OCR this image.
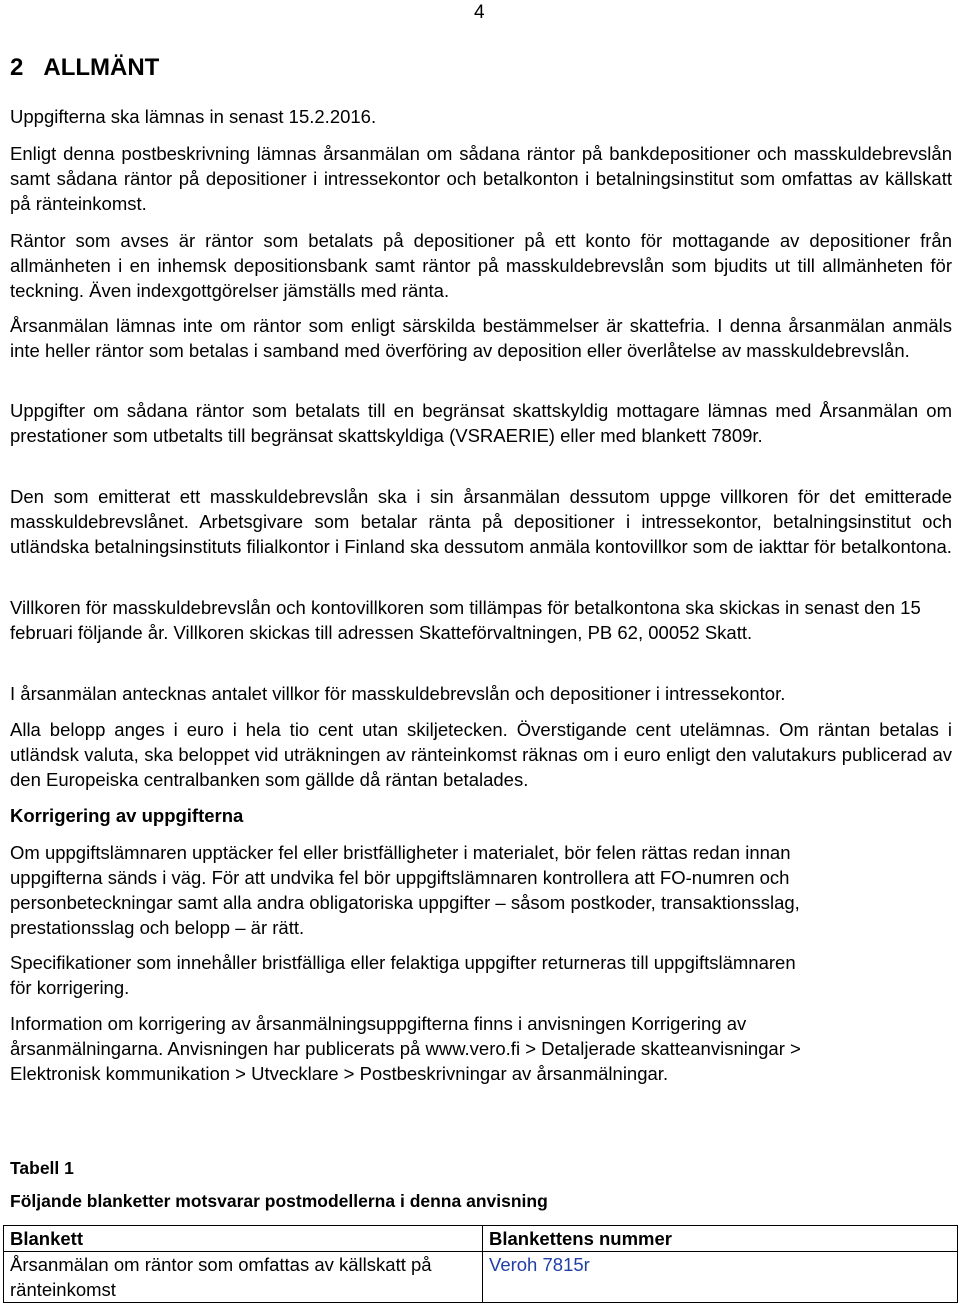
4
2 ALLMÄNT

Uppgifterna ska lämnas in senast 15.2.2016.

Enligt denna postbeskrivning lämnas årsanmälan om sådana räntor på bankdepositioner och masskuldebrevslån samt sådana räntor på depositioner i intressekontor och betalkonton i betalningsinstitut som omfattas av källskatt på ränteinkomst.

Räntor som avses är räntor som betalats på depositioner på ett konto för mottagande av depositioner från allmänheten i en inhemsk depositionsbank samt räntor på masskuldebrevslån som bjudits ut till allmänheten för teckning. Även indexgottgörelser jämställs med ränta.

Årsanmälan lämnas inte om räntor som enligt särskilda bestämmelser är skattefria. I denna årsanmälan anmäls inte heller räntor som betalas i samband med överföring av deposition eller överlåtelse av masskuldebrevslån.

Uppgifter om sådana räntor som betalats till en begränsat skattskyldig mottagare lämnas med Årsanmälan om prestationer som utbetalts till begränsat skattskyldiga (VSRAERIE) eller med blankett 7809r.

Den som emitterat ett masskuldebrevslån ska i sin årsanmälan dessutom uppge villkoren för det emitterade masskuldebrevslånet. Arbetsgivare som betalar ränta på depositioner i intressekontor, betalningsinstitut och utländska betalningsinstituts filialkontor i Finland ska dessutom anmäla kontovillkor som de iakttar för betalkontona.

Villkoren för masskuldebrevslån och kontovillkoren som tillämpas för betalkontona ska skickas in senast den 15 februari följande år. Villkoren skickas till adressen Skatteförvaltningen, PB 62, 00052 Skatt.

I årsanmälan antecknas antalet villkor för masskuldebrevslån och depositioner i intressekontor.

Alla belopp anges i euro i hela tio cent utan skiljetecken. Överstigande cent utelämnas. Om räntan betalas i utländsk valuta, ska beloppet vid uträkningen av ränteinkomst räknas om i euro enligt den valutakurs publicerad av den Europeiska centralbanken som gällde då räntan betalades.

Korrigering av uppgifterna

Om uppgiftslämnaren upptäcker fel eller bristfälligheter i materialet, bör felen rättas redan innan uppgifterna sänds i väg. För att undvika fel bör uppgiftslämnaren kontrollera att FO-numren och personbeteckningar samt alla andra obligatoriska uppgifter – såsom postkoder, transaktionsslag, prestationsslag och belopp – är rätt.

Specifikationer som innehåller bristfälliga eller felaktiga uppgifter returneras till uppgiftslämnaren för korrigering.

Information om korrigering av årsanmälningsuppgifterna finns i anvisningen Korrigering av årsanmälningarna. Anvisningen har publicerats på www.vero.fi > Detaljerade skatteanvisningar > Elektronisk kommunikation > Utvecklare > Postbeskrivningar av årsanmälningar.

Tabell 1

Följande blanketter motsvarar postmodellerna i denna anvisning

Blankett	Blankettens nummer
Årsanmälan om räntor som omfattas av källskatt på ränteinkomst	Veroh 7815r
